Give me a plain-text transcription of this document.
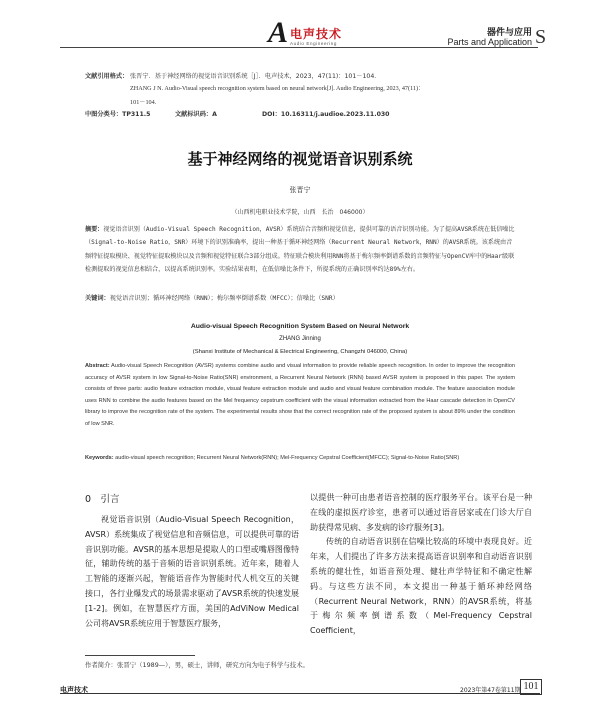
A 电声技术
Audio Engineering
器件与应用
Parts and Application S
文献引用格式： 张晋宁．基于神经网络的视觉语音识别系统［J］．电声技术，2023，47(11)：101－104．
ZHANG J N. Audio-Visual speech recognition system based on neural network[J]. Audio Engineering, 2023, 47(11)：
101－104.
中图分类号：TP311.5	文献标识码：A	DOI：10.16311/j.audioe.2023.11.030
基于神经网络的视觉语音识别系统
张晋宁
（山西机电职业技术学院，山西　长治　046000）
摘要：视觉语音识别（Audio-Visual Speech Recognition，AVSR）系统结合音频和视觉信息，提供可靠的语音识别功能。为了提高AVSR系统在低信噪比（Signal-to-Noise Ratio，SNR）环境下的识别准确率，提出一种基于循环神经网络（Recurrent Neural Network，RNN）的AVSR系统。该系统由音频特征提取模块、视觉特征提取模块以及音频和视觉特征联合3部分组成。特征联合模块利用RNN将基于梅尔频率倒谱系数的音频特征与OpenCV库中的Haar级联检测提取的视觉信息相结合，以提高系统识别率。实验结果表明，在低信噪比条件下，所提系统的正确识别率约达89%左右。
关键词：视觉语音识别；循环神经网络（RNN）；梅尔频率倒谱系数（MFCC）；信噪比（SNR）
Audio-visual Speech Recognition System Based on Neural Network
ZHANG Jinning
(Shanxi Institute of Mechanical & Electrical Engineering, Changzhi 046000, China)
Abstract: Audio-visual Speech Recognition (AVSR) systems combine audio and visual information to provide reliable speech recognition. In order to improve the recognition accuracy of AVSR system in low Signal-to-Noise Ratio(SNR) environment, a Recurrent Neural Network (RNN) based AVSR system is proposed in this paper. The system consists of three parts: audio feature extraction module, visual feature extraction module and audio and visual feature combination module. The feature association module uses RNN to combine the audio features based on the Mel frequency cepstrum coefficient with the visual information extracted from the Haar cascade detection in OpenCV library to improve the recognition rate of the system. The experimental results show that the correct recognition rate of the proposed system is about 89% under the condition of low SNR.
Keywords: audio-visual speech recognition; Recurrent Neural Network(RNN); Mel-Frequency Cepstral Coefficient(MFCC); Signal-to-Noise Ratio(SNR)
0　引言
视觉语音识别（Audio-Visual Speech Recognition，AVSR）系统集成了视觉信息和音频信息，可以提供可靠的语音识别功能。AVSR的基本思想是提取人的口型或嘴唇图像特征，辅助传统的基于音频的语音识别系统。近年来，随着人工智能的逐渐兴起，智能语音作为智能时代人机交互的关键接口，各行业爆发式的场景需求驱动了AVSR系统的快速发展[1-2]。例如，在智慧医疗方面，美国的AdViNow Medical公司将AVSR系统应用于智慧医疗服务，

以提供一种可由患者语音控制的医疗服务平台。该平台是一种在线的虚拟医疗诊室，患者可以通过语音居家或在门诊大厅自助获得常见病、多发病的诊疗服务[3]。

传统的自动语音识别在信噪比较高的环境中表现良好。近年来，人们提出了许多方法来提高语音识别率和自动语音识别系统的健壮性，如语音预处理、健壮声学特征和不确定性解码。与这些方法不同，本文提出一种基于循环神经网络（Recurrent Neural Network，RNN）的AVSR系统，将基于梅尔频率倒谱系数（Mel-Frequency Cepstral Coefficient，

作者简介：张晋宁（1989—），男，硕士，讲师，研究方向为电子科学与技术。
电声技术	2023年第47卷第11期 101
